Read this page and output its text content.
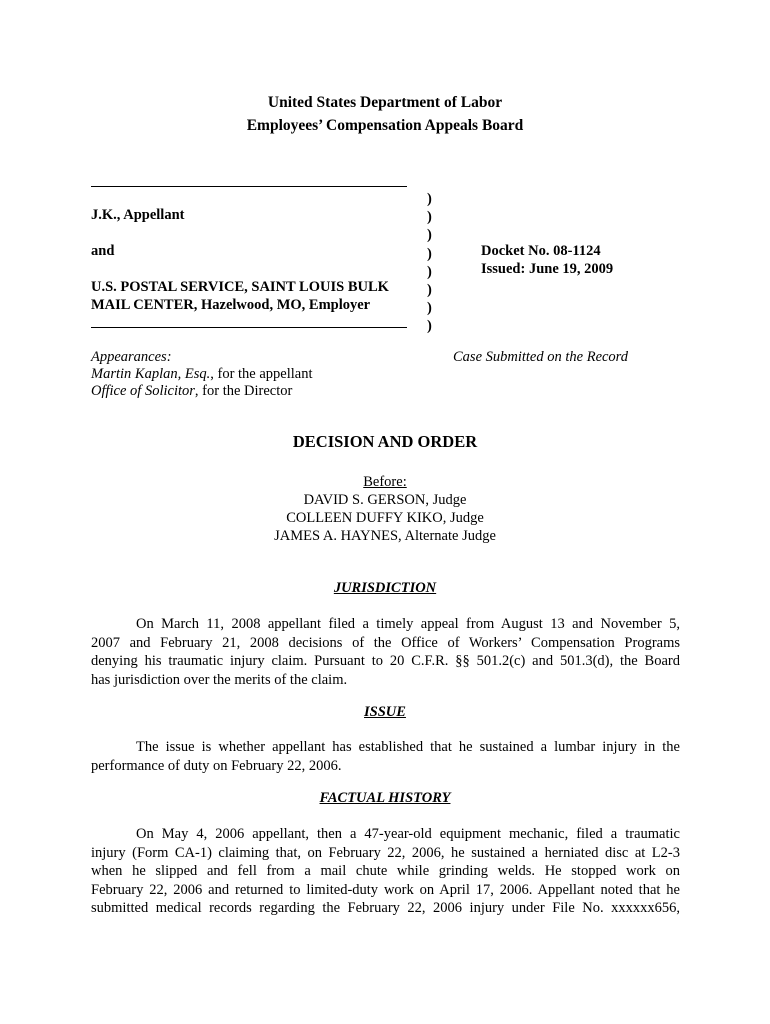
United States Department of Labor
Employees’ Compensation Appeals Board
J.K., Appellant
and
U.S. POSTAL SERVICE, SAINT LOUIS BULK
MAIL CENTER, Hazelwood, MO, Employer
)
)
)
)
)
)
)
)
Docket No. 08-1124
Issued: June 19, 2009
Appearances:
Martin Kaplan, Esq., for the appellant
Office of Solicitor, for the Director
Case Submitted on the Record
DECISION AND ORDER
Before:
DAVID S. GERSON, Judge
COLLEEN DUFFY KIKO, Judge
JAMES A. HAYNES, Alternate Judge
JURISDICTION
On March 11, 2008 appellant filed a timely appeal from August 13 and November 5,
2007 and February 21, 2008 decisions of the Office of Workers’ Compensation Programs
denying his traumatic injury claim. Pursuant to 20 C.F.R. §§ 501.2(c) and 501.3(d), the Board
has jurisdiction over the merits of the claim.
ISSUE
The issue is whether appellant has established that he sustained a lumbar injury in the
performance of duty on February 22, 2006.
FACTUAL HISTORY
On May 4, 2006 appellant, then a 47-year-old equipment mechanic, filed a traumatic
injury (Form CA-1) claiming that, on February 22, 2006, he sustained a herniated disc at L2-3
when he slipped and fell from a mail chute while grinding welds. He stopped work on
February 22, 2006 and returned to limited-duty work on April 17, 2006. Appellant noted that he
submitted medical records regarding the February 22, 2006 injury under File No. xxxxxx656,
